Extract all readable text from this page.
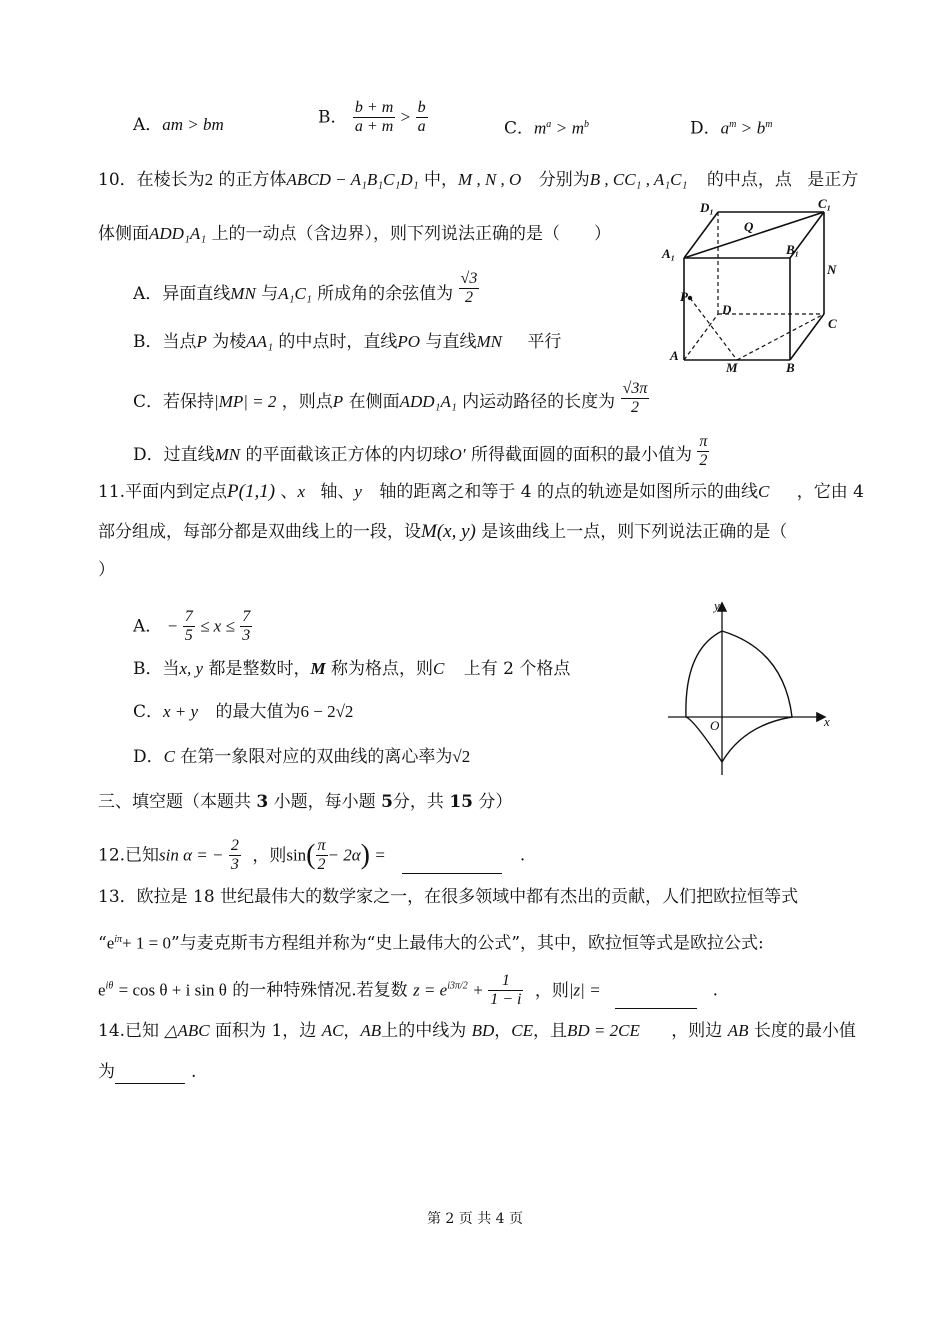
A．am > bm	B． $\frac{b + m}{a + m} > \frac{b}{a}$	C．$m^a > m^b$	D．$a^m > b^m$
10．在棱长为2 的正方体ABCD − A₁B₁C₁D₁ 中，M , N , O 分别为B , CC₁ , A₁C₁ 的中点，点 是正方
体侧面ADD₁A₁ 上的一动点（含边界），则下列说法正确的是（　　）
A．异面直线MN 与A₁C₁ 所成角的余弦值为 $\frac{√3}{2}$
B．当点P 为棱AA₁ 的中点时，直线PO 与直线MN 平行
C．若保持|MP| = 2 ，则点P 在侧面ADD₁A₁ 内运动路径的长度为 $\frac{√3\pi}{2}$
D．过直线MN 的平面截该正方体的内切球O′ 所得截面圆的面积的最小值为 $\frac{\pi}{2}$
D₁	C₁
Q
A₁	B₁
N
P
D
C
A
M	B
11.平面内到定点P(1,1) 、x 轴、y 轴的距离之和等于 4 的点的轨迹是如图所示的曲线C ，它由 4
部分组成，每部分都是双曲线上的一段，设M(x, y) 是该曲线上一点，则下列说法正确的是（
）
A． − $\frac{7}{5} \le x \le \frac{7}{3}$
B．当x, y 都是整数时，M 称为格点，则C 上有 2 个格点
C．x + y 的最大值为6 − 2√2
D．C 在第一象限对应的双曲线的离心率为√2
x
y
O
三、填空题（本题共 3 小题，每小题 5分，共 15 分）
12.已知sin α = − $\frac{2}{3}$ ，则$\sin( \frac{\pi}{2} - 2\alpha)$ =	.
13．欧拉是 18 世纪最伟大的数学家之一，在很多领域中都有杰出的贡献，人们把欧拉恒等式
“$e^{i\pi}+ 1 = 0$”与麦克斯韦方程组并称为“史上最伟大的公式”，其中，欧拉恒等式是欧拉公式:
$e^{i\theta} = \cos \theta + i$ sin θ 的一种特殊情况.若复数 $z = e^{i3\pi/2} + \frac{1}{1 - i}$ ，则|z| =	.
14.已知 △ABC 面积为 1，边 AC，AB上的中线为 BD，CE，且BD = 2CE ，则边 AB 长度的最小值
为	.
第 2 页 共 4 页
